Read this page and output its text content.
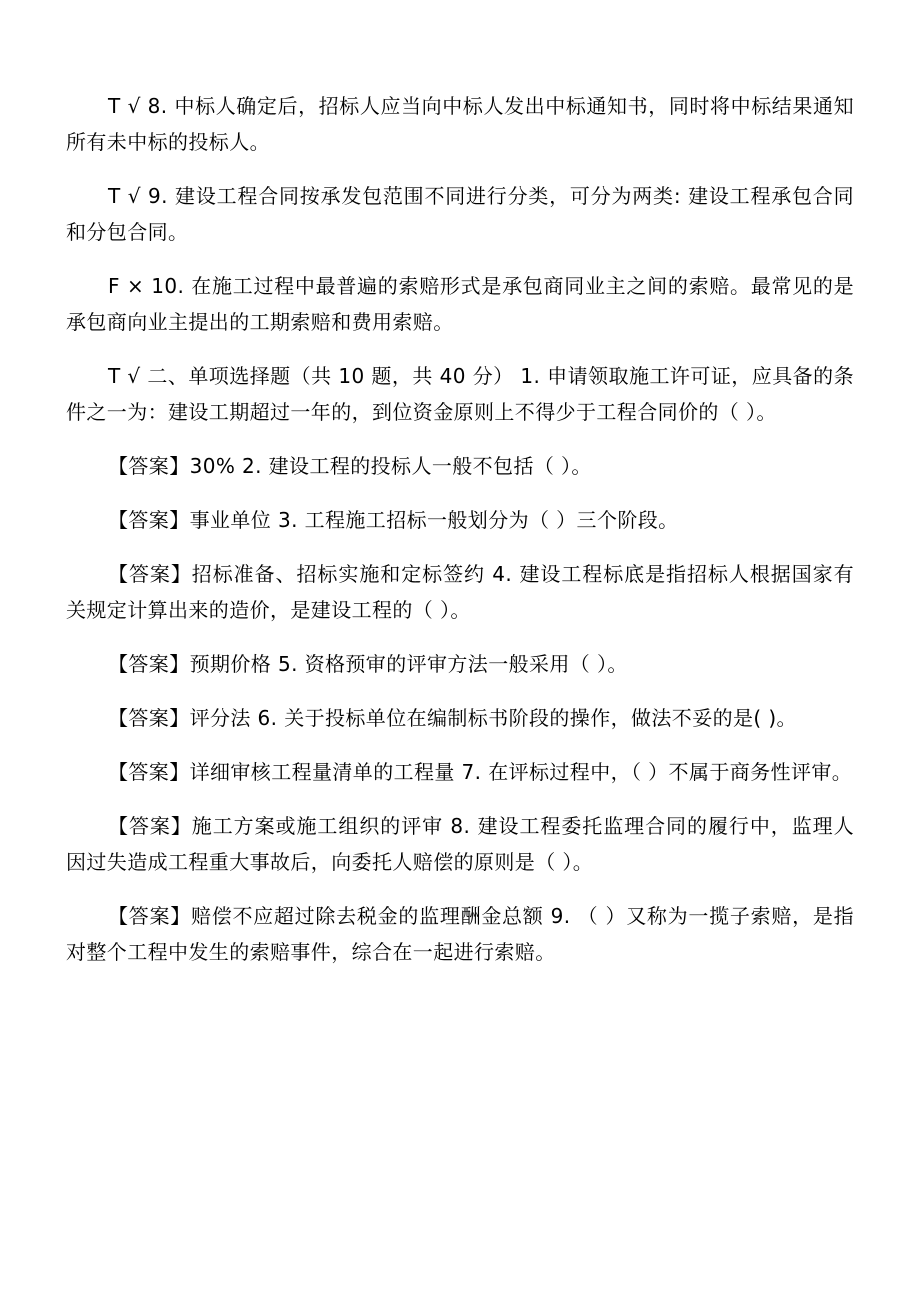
T √ 8. 中标人确定后，招标人应当向中标人发出中标通知书，同时将中标结果通知所有未中标的投标人。

T √ 9. 建设工程合同按承发包范围不同进行分类，可分为两类: 建设工程承包合同和分包合同。

F × 10. 在施工过程中最普遍的索赔形式是承包商同业主之间的索赔。最常见的是承包商向业主提出的工期索赔和费用索赔。

T √ 二、单项选择题（共 10 题，共 40 分） 1. 申请领取施工许可证，应具备的条件之一为：建设工期超过一年的，到位资金原则上不得少于工程合同价的（ ）。

【答案】30% 2. 建设工程的投标人一般不包括（ ）。

【答案】事业单位 3. 工程施工招标一般划分为（ ）三个阶段。

【答案】招标准备、招标实施和定标签约 4. 建设工程标底是指招标人根据国家有关规定计算出来的造价，是建设工程的（ ）。

【答案】预期价格 5. 资格预审的评审方法一般采用（ ）。

【答案】评分法 6. 关于投标单位在编制标书阶段的操作，做法不妥的是( )。

【答案】详细审核工程量清单的工程量 7. 在评标过程中，（ ）不属于商务性评审。

【答案】施工方案或施工组织的评审 8. 建设工程委托监理合同的履行中，监理人因过失造成工程重大事故后，向委托人赔偿的原则是（ ）。

【答案】赔偿不应超过除去税金的监理酬金总额 9. （ ）又称为一揽子索赔，是指对整个工程中发生的索赔事件，综合在一起进行索赔。
